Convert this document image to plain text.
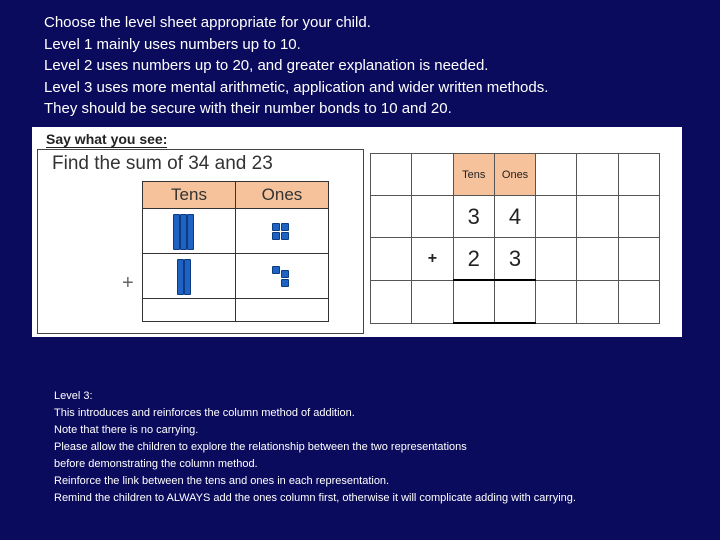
Choose the level sheet appropriate for your child.
Level 1 mainly uses numbers up to 10.
Level 2 uses numbers up to 20, and greater explanation is needed.
Level 3 uses more mental arithmetic, application and wider written methods.
They should be secure with their number bonds to 10 and 20.
Say what you see:
Find the sum of 34 and 23
+
Tens	Ones

		Tens	Ones			
		3	4			
	+	2	3			

Level 3:
This introduces and reinforces the column method of addition.
Note that there is no carrying.
Please allow the children to explore the relationship between the two representations
before demonstrating the column method.
Reinforce the link between the tens and ones in each representation.
Remind the children to ALWAYS add the ones column first, otherwise it will complicate adding with carrying.
